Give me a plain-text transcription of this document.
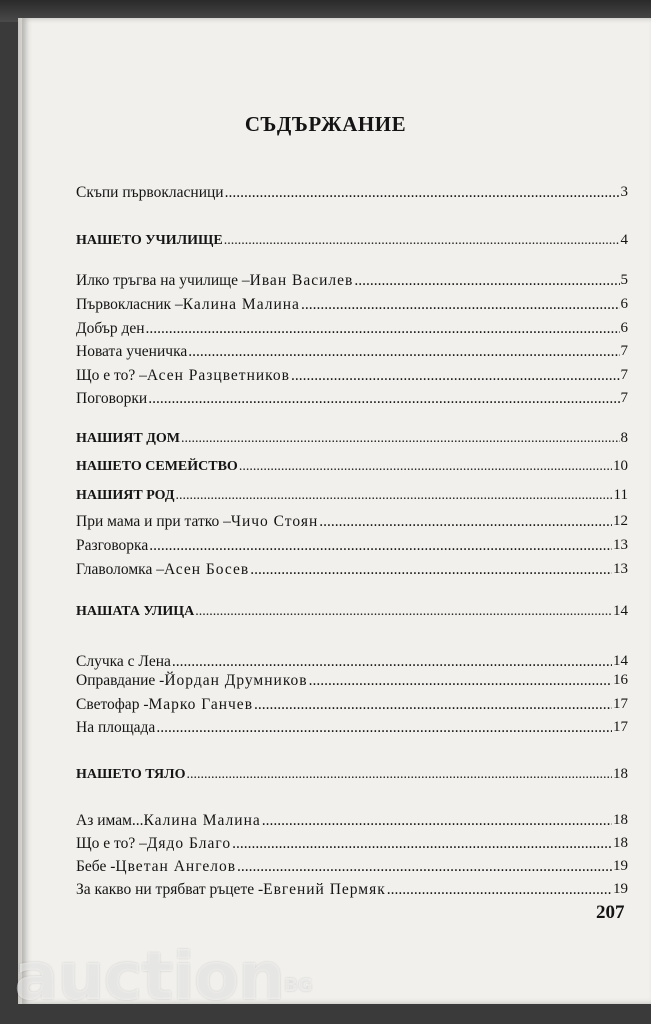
СЪДЪРЖАНИЕ
Скъпи първокласници .....	3
НАШЕТО УЧИЛИЩЕ .....	4
Илко тръгва на училище – Иван Василев .....	5
Първокласник – Калина Малина .....	6
Добър ден .....	6
Новата ученичка .....	7
Що е то? – Асен Разцветников .....	7
Поговорки .....	7
НАШИЯТ ДОМ .....	8
НАШЕТО СЕМЕЙСТВО .....	10
НАШИЯТ РОД .....	11
При мама и при татко – Чичо Стоян .....	12
Разговорка .....	13
Главоломка – Асен Босев .....	13
НАШАТА УЛИЦА .....	14
Случка с Лена .....	14
Оправдание - Йордан Друмников .....	16
Светофар - Марко Ганчев .....	17
На площада .....	17
НАШЕТО ТЯЛО .....	18
Аз имам... Калина Малина .....	18
Що е то? – Дядо Благо .....	18
Бебе - Цветан Ангелов .....	19
За какво ни трябват ръцете - Евгений Пермяк .....	19
207
auctionBG
